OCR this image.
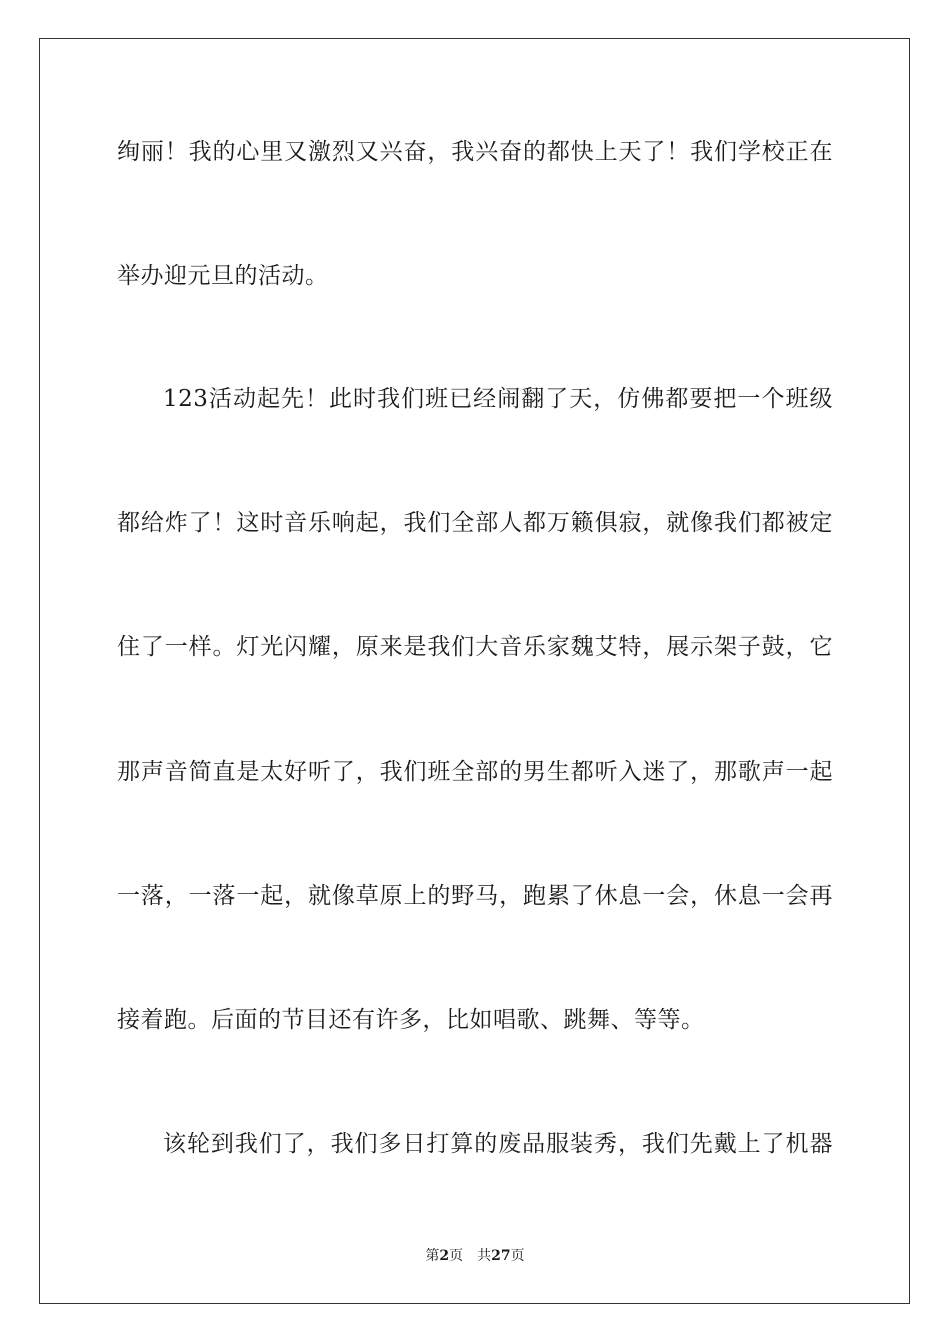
绚丽！我的心里又激烈又兴奋，我兴奋的都快上天了！我们学校正在
举办迎元旦的活动。
123活动起先！此时我们班已经闹翻了天，仿佛都要把一个班级
都给炸了！这时音乐响起，我们全部人都万籁俱寂，就像我们都被定
住了一样。灯光闪耀，原来是我们大音乐家魏艾特，展示架子鼓，它
那声音简直是太好听了，我们班全部的男生都听入迷了，那歌声一起
一落，一落一起，就像草原上的野马，跑累了休息一会，休息一会再
接着跑。后面的节目还有许多，比如唱歌、跳舞、等等。
该轮到我们了，我们多日打算的废品服装秀，我们先戴上了机器
第2页 共27页
